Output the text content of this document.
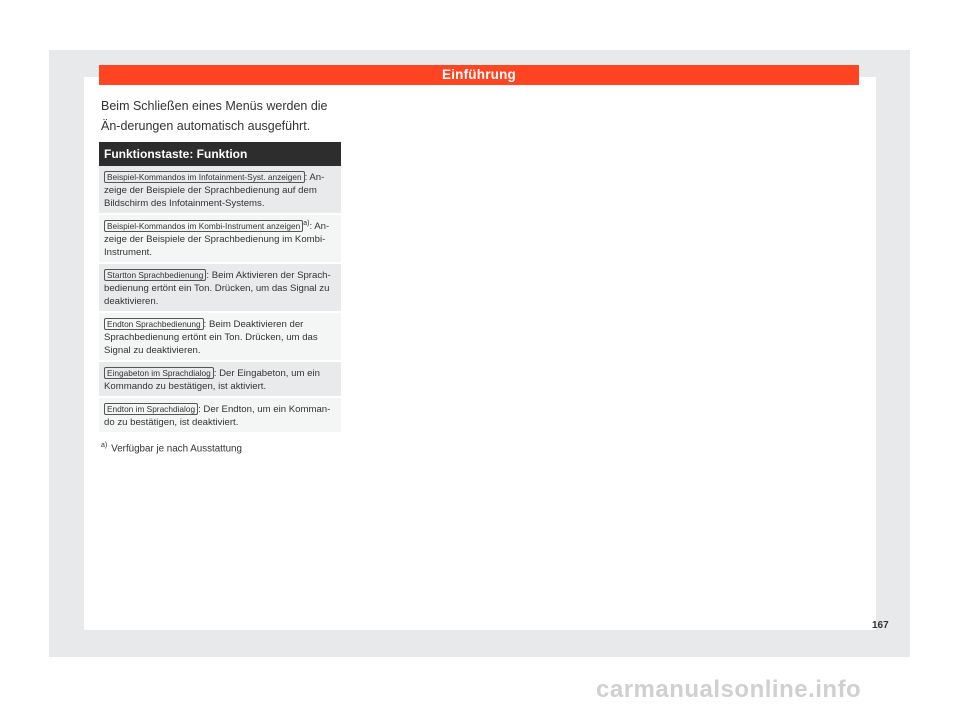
Einführung
Beim Schließen eines Menüs werden die Än-derungen automatisch ausgeführt.
Funktionstaste: Funktion
Beispiel-Kommandos im Infotainment-Syst. anzeigen : An-zeige der Beispiele der Sprachbedienung auf dem Bildschirm des Infotainment-Systems.
Beispiel-Kommandos im Kombi-Instrument anzeigen $^{a)}$: An-zeige der Beispiele der Sprachbedienung im Kombi-Instrument.
Startton Sprachbedienung : Beim Aktivieren der Sprach-bedienung ertönt ein Ton. Drücken, um das Signal zu deaktivieren.
Endton Sprachbedienung : Beim Deaktivieren der Sprachbedienung ertönt ein Ton. Drücken, um das Signal zu deaktivieren.
Eingabeton im Sprachdialog : Der Eingabeton, um ein Kommando zu bestätigen, ist aktiviert.
Endton im Sprachdialog : Der Endton, um ein Komman-do zu bestätigen, ist deaktiviert.
$^{a)}$ Verfügbar je nach Ausstattung
167
carmanualsonline.info
